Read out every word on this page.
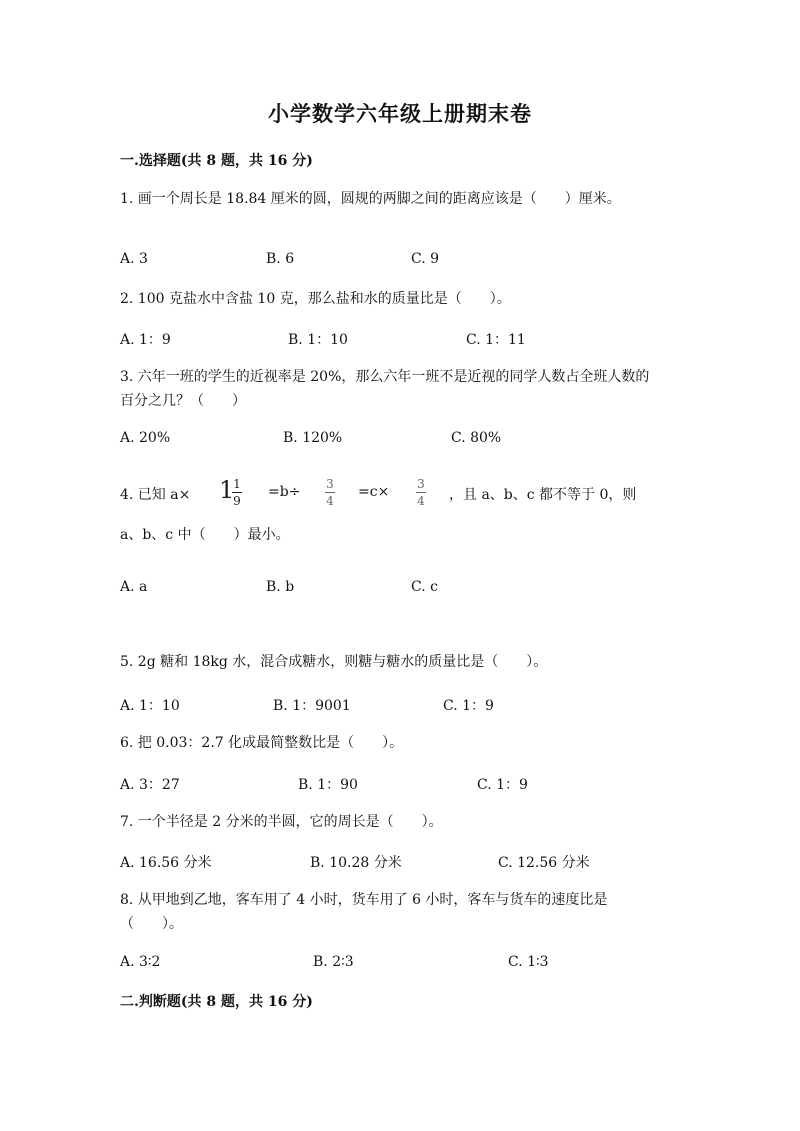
小学数学六年级上册期末卷
一.选择题(共 8 题，共 16 分)
1. 画一个周长是 18.84 厘米的圆，圆规的两脚之间的距离应该是（　　）厘米。
A. 3	B. 6	C. 9
2. 100 克盐水中含盐 10 克，那么盐和水的质量比是（　　）。
A. 1：9	B. 1：10	C. 1：11
3. 六年一班的学生的近视率是 20%，那么六年一班不是近视的同学人数占全班人数的百分之几？（　　）
A. 20%	B. 120%	C. 80%
4. 已知 a× 1
1
9
=b÷ 3
4
=c× 3
4 ，且 a、b、c 都不等于 0，则
a、b、c 中（　　）最小。
A. a	B. b	C. c
5. 2g 糖和 18kg 水，混合成糖水，则糖与糖水的质量比是（　　）。
A. 1：10	B. 1：9001	C. 1：9
6. 把 0.03：2.7 化成最简整数比是（　　）。
A. 3：27	B. 1：90	C. 1：9
7. 一个半径是 2 分米的半圆，它的周长是（　　）。
A. 16.56 分米	B. 10.28 分米	C. 12.56 分米
8. 从甲地到乙地，客车用了 4 小时，货车用了 6 小时，客车与货车的速度比是（　　）。
A. 3∶2	B. 2∶3	C. 1∶3
二.判断题(共 8 题，共 16 分)
